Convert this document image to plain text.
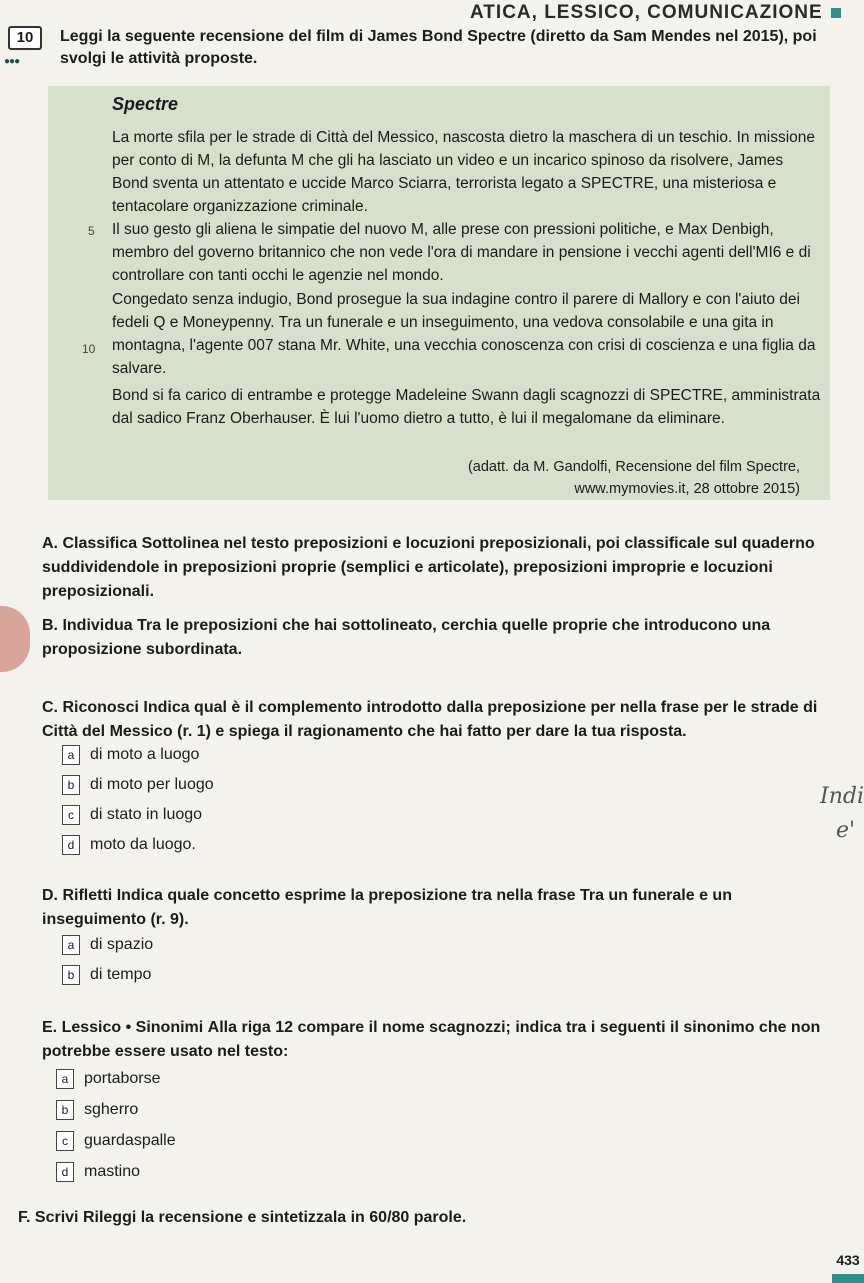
ATICA, LESSICO, COMUNICAZIONE
10
●●●
Leggi la seguente recensione del film di James Bond Spectre (diretto da Sam Mendes nel 2015), poi svolgi le attività proposte.
Spectre
La morte sfila per le strade di Città del Messico, nascosta dietro la maschera di un teschio. In missione per conto di M, la defunta M che gli ha lasciato un video e un incarico spinoso da risolvere, James Bond sventa un attentato e uccide Marco Sciarra, terrorista legato a SPECTRE, una misteriosa e tentacolare organizzazione criminale.
5 Il suo gesto gli aliena le simpatie del nuovo M, alle prese con pressioni politiche, e Max Denbigh, membro del governo britannico che non vede l'ora di mandare in pensione i vecchi agenti dell'MI6 e di controllare con tanti occhi le agenzie nel mondo.
Congedato senza indugio, Bond prosegue la sua indagine contro il parere di Mallory e con l'aiuto dei fedeli Q e Moneypenny. Tra un funerale e un inseguimento, una vedova consolabile e una gita in montagna, l'agente 007 stana Mr. White, una vecchia conoscenza con crisi di coscienza e una figlia da salvare.
10
Bond si fa carico di entrambe e protegge Madeleine Swann dagli scagnozzi di SPECTRE, amministrata dal sadico Franz Oberhauser. È lui l'uomo dietro a tutto, è lui il megalomane da eliminare.
(adatt. da M. Gandolfi, Recensione del film Spectre,
www.mymovies.it, 28 ottobre 2015)
A. Classifica Sottolinea nel testo preposizioni e locuzioni preposizionali, poi classificale sul quaderno suddividendole in preposizioni proprie (semplici e articolate), preposizioni improprie e locuzioni preposizionali.
B. Individua Tra le preposizioni che hai sottolineato, cerchia quelle proprie che introducono una proposizione subordinata.
C. Riconosci Indica qual è il complemento introdotto dalla preposizione per nella frase per le strade di Città del Messico (r. 1) e spiega il ragionamento che hai fatto per dare la tua risposta.
a di moto a luogo
b di moto per luogo
c di stato in luogo
d moto da luogo.
Indi
e'
D. Rifletti Indica quale concetto esprime la preposizione tra nella frase Tra un funerale e un inseguimento (r. 9).
a di spazio
b di tempo
E. Lessico • Sinonimi Alla riga 12 compare il nome scagnozzi; indica tra i seguenti il sinonimo che non potrebbe essere usato nel testo:
a portaborse
b sgherro
c guardaspalle
d mastino
F. Scrivi Rileggi la recensione e sintetizzala in 60/80 parole.
433
